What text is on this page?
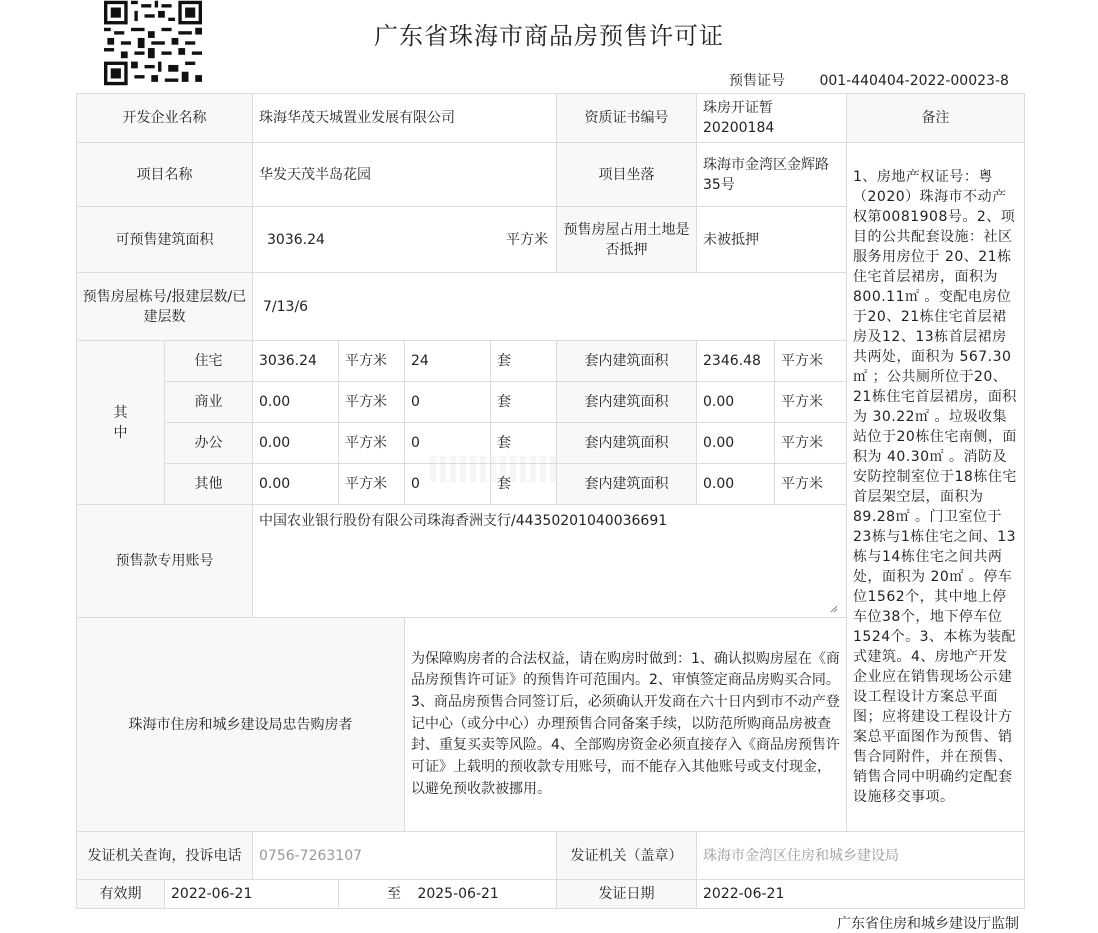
广东省珠海市商品房预售许可证
预售证号 001-440404-2022-00023-8
开发企业名称		珠海华茂天城置业发展有限公司				资质证书编号	珠房开证暂 20200184		备注
项目名称		华发天茂半岛花园				项目坐落	珠海市金湾区金辉路35号		1、房地产权证号：粤（2020）珠海市不动产权第0081908号。2、项目的公共配套设施：社区服务用房位于 20、21栋住宅首层裙房，面积为 800.11㎡ 。变配电房位于20、21栋住宅首层裙房及12、13栋首层裙房共两处，面积为 567.30㎡ ；公共厕所位于20、21栋住宅首层裙房，面积为 30.22㎡ 。垃圾收集站位于20栋住宅南侧，面积为 40.30㎡ 。消防及安防控制室位于18栋住宅首层架空层，面积为 89.28㎡ 。门卫室位于23栋与1栋住宅之间、13栋与14栋住宅之间共两处，面积为 20㎡ 。停车位1562个，其中地上停车位38个，地下停车位1524个。3、本栋为装配式建筑。4、房地产开发企业应在销售现场公示建设工程设计方案总平面图；应将建设工程设计方案总平面图作为预售、销售合同附件，并在预售、销售合同中明确约定配套设施移交事项。
可预售建筑面积		3036.24 平方米				预售房屋占用土地是否抵押	未被抵押		
预售房屋栋号/报建层数/已建层数		7/13/6							
其 中	住宅	3036.24	平方米	24	套	套内建筑面积	2346.48	平方米	
	商业	0.00	平方米	0	套	套内建筑面积	0.00	平方米	
	办公	0.00	平方米	0	套	套内建筑面积	0.00	平方米	
	其他	0.00	平方米	0	套	套内建筑面积	0.00	平方米	
预售款专用账号		中国农业银行股份有限公司珠海香洲支行/44350201040036691							

珠海市住房和城乡建设局忠告购房者				为保障购房者的合法权益，请在购房时做到：1、确认拟购房屋在《商品房预售许可证》的预售许可范围内。2、审慎签定商品房购买合同。3、商品房预售合同签订后，必须确认开发商在六十日内到市不动产登记中心（或分中心）办理预售合同备案手续，以防范所购商品房被查封、重复买卖等风险。4、全部购房资金必须直接存入《商品房预售许可证》上载明的预收款专用账号，而不能存入其他账号或支付现金，以避免预收款被挪用。					

发证机关查询，投诉电话		0756-7263107				发证机关（盖章）	珠海市金湾区住房和城乡建设局		
有效期	2022-06-21		至 2025-06-21			发证日期	2022-06-21		
广东省住房和城乡建设厅监制
